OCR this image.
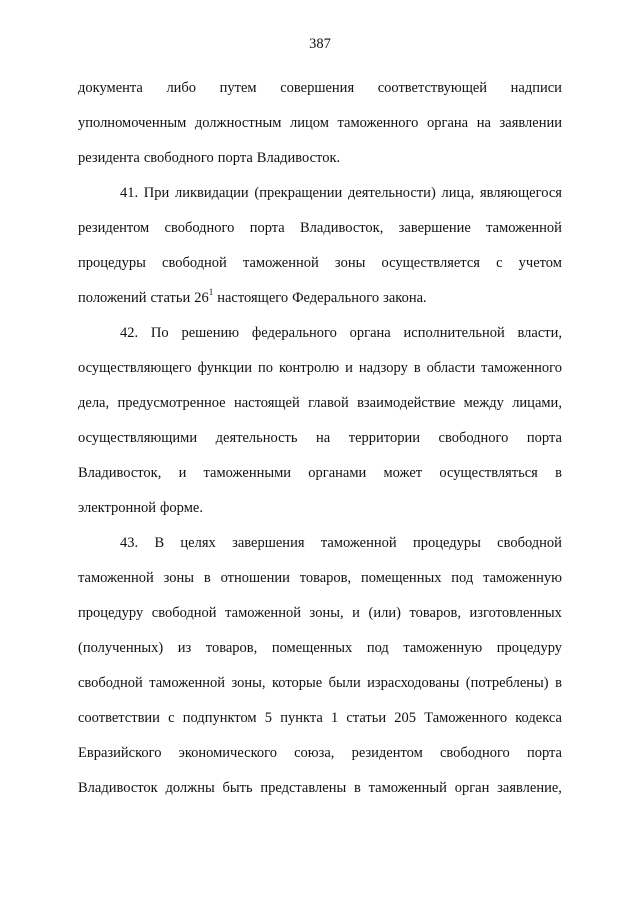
387
документа либо путем совершения соответствующей надписи
уполномоченным должностным лицом таможенного органа на заявлении
резидента свободного порта Владивосток.
41. При ликвидации (прекращении деятельности) лица, являющегося
резидентом свободного порта Владивосток, завершение таможенной
процедуры свободной таможенной зоны осуществляется с учетом
положений статьи $26^1$ настоящего Федерального закона.
42. По решению федерального органа исполнительной власти,
осуществляющего функции по контролю и надзору в области таможенного
дела, предусмотренное настоящей главой взаимодействие между лицами,
осуществляющими деятельность на территории свободного порта
Владивосток, и таможенными органами может осуществляться в
электронной форме.
43. В целях завершения таможенной процедуры свободной
таможенной зоны в отношении товаров, помещенных под таможенную
процедуру свободной таможенной зоны, и (или) товаров, изготовленных
(полученных) из товаров, помещенных под таможенную процедуру
свободной таможенной зоны, которые были израсходованы (потреблены) в
соответствии с подпунктом 5 пункта 1 статьи 205 Таможенного кодекса
Евразийского экономического союза, резидентом свободного порта
Владивосток должны быть представлены в таможенный орган заявление,
